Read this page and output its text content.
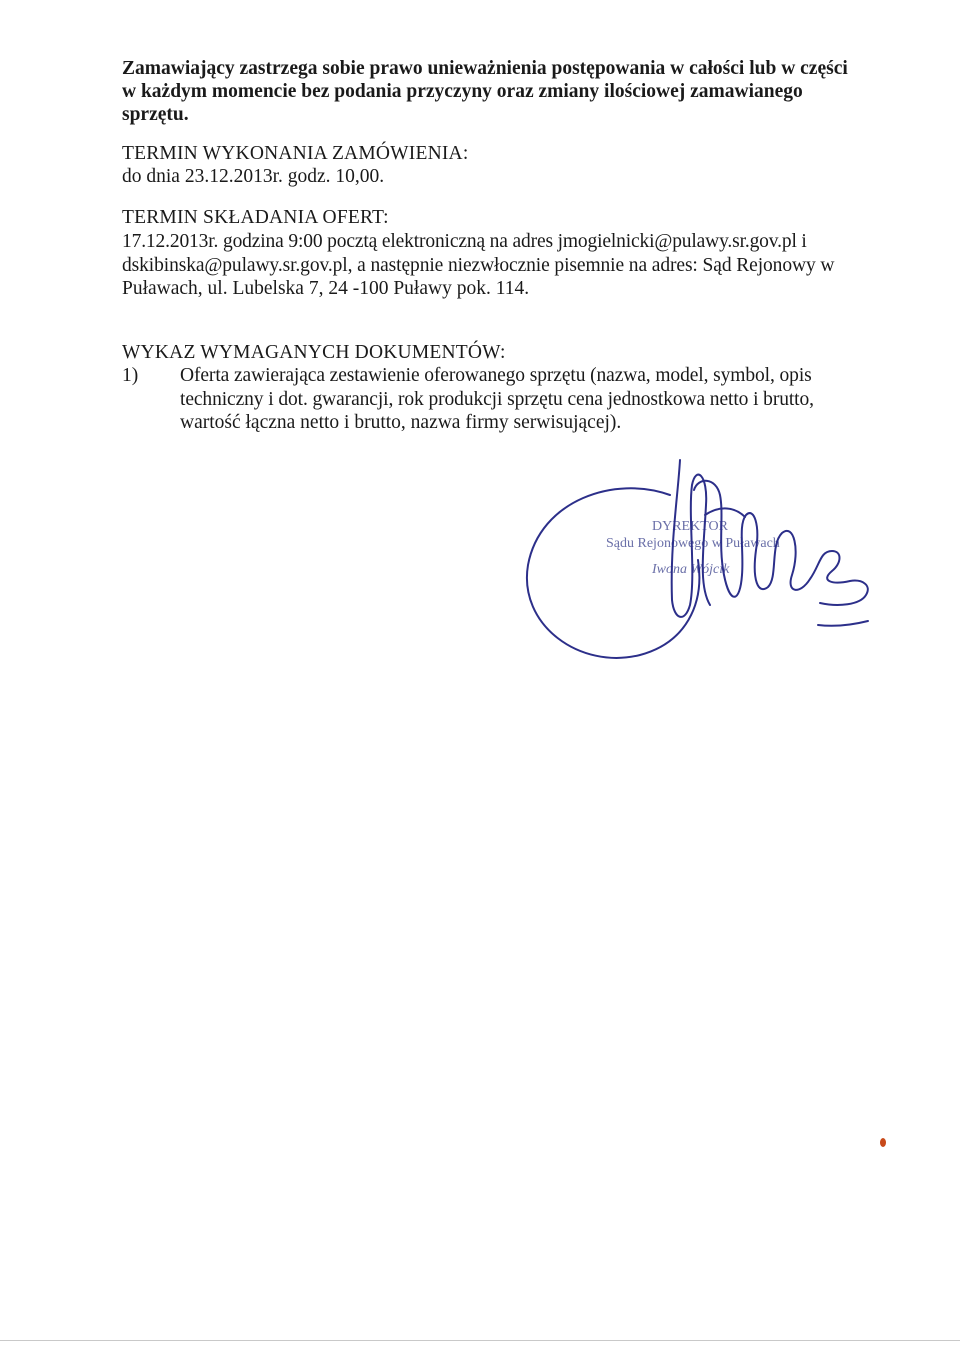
Zamawiający zastrzega sobie prawo unieważnienia postępowania w całości lub w części
w każdym momencie bez podania przyczyny oraz zmiany ilościowej zamawianego
sprzętu.
TERMIN WYKONANIA ZAMÓWIENIA:
do dnia 23.12.2013r. godz. 10,00.
TERMIN SKŁADANIA OFERT:
17.12.2013r. godzina 9:00 pocztą elektroniczną na adres jmogielnicki@pulawy.sr.gov.pl i
dskibinska@pulawy.sr.gov.pl, a następnie niezwłocznie pisemnie na adres: Sąd Rejonowy w
Puławach, ul. Lubelska 7, 24 -100 Puławy pok. 114.
WYKAZ WYMAGANYCH DOKUMENTÓW:
1) Oferta zawierająca zestawienie oferowanego sprzętu (nazwa, model, symbol, opis
techniczny i dot. gwarancji, rok produkcji sprzętu cena jednostkowa netto i brutto,
wartość łączna netto i brutto, nazwa firmy serwisującej).
DYREKTOR
Sądu Rejonowego w Puławach
Iwona Wójcik
